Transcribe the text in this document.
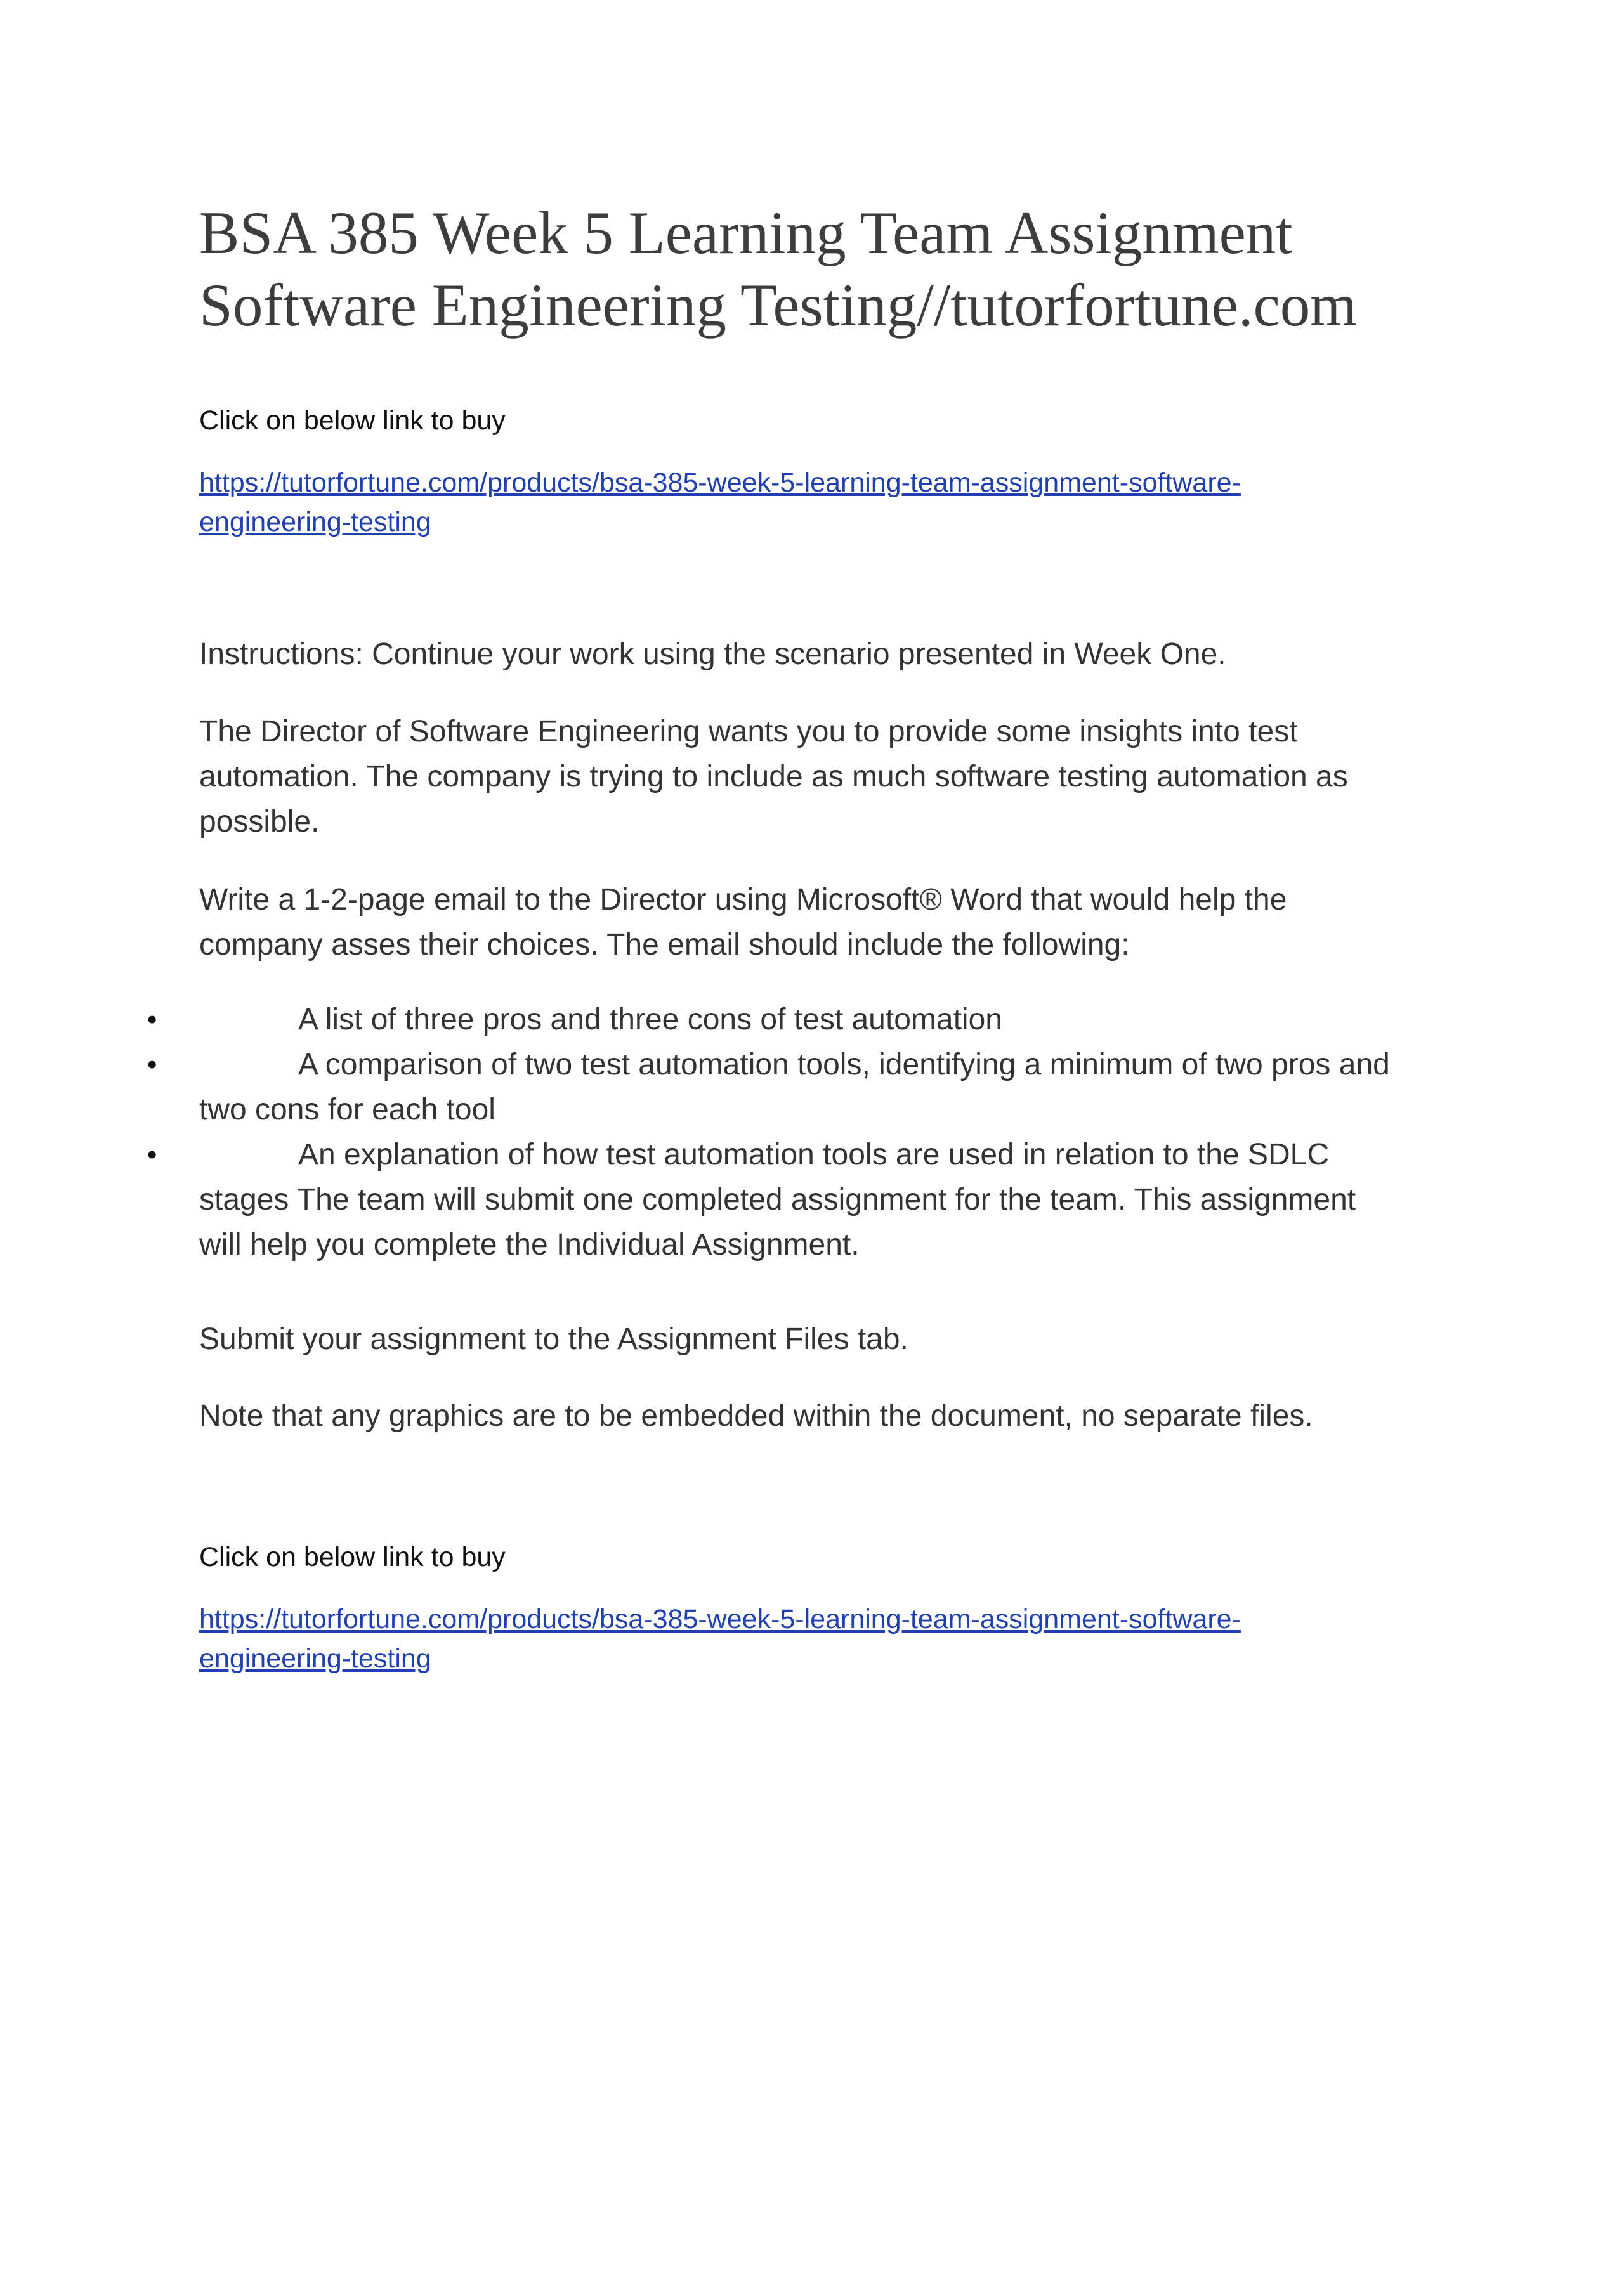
BSA 385 Week 5 Learning Team Assignment
Software Engineering Testing//tutorfortune.com

Click on below link to buy

https://tutorfortune.com/products/bsa-385-week-5-learning-team-assignment-software-
engineering-testing

Instructions: Continue your work using the scenario presented in Week One.

The Director of Software Engineering wants you to provide some insights into test
automation. The company is trying to include as much software testing automation as
possible.

Write a 1-2-page email to the Director using Microsoft® Word that would help the
company asses their choices. The email should include the following:

•	A list of three pros and three cons of test automation
•	A comparison of two test automation tools, identifying a minimum of two pros and
two cons for each tool
•	An explanation of how test automation tools are used in relation to the SDLC
stages The team will submit one completed assignment for the team. This assignment
will help you complete the Individual Assignment.

Submit your assignment to the Assignment Files tab.

Note that any graphics are to be embedded within the document, no separate files.

Click on below link to buy

https://tutorfortune.com/products/bsa-385-week-5-learning-team-assignment-software-
engineering-testing
